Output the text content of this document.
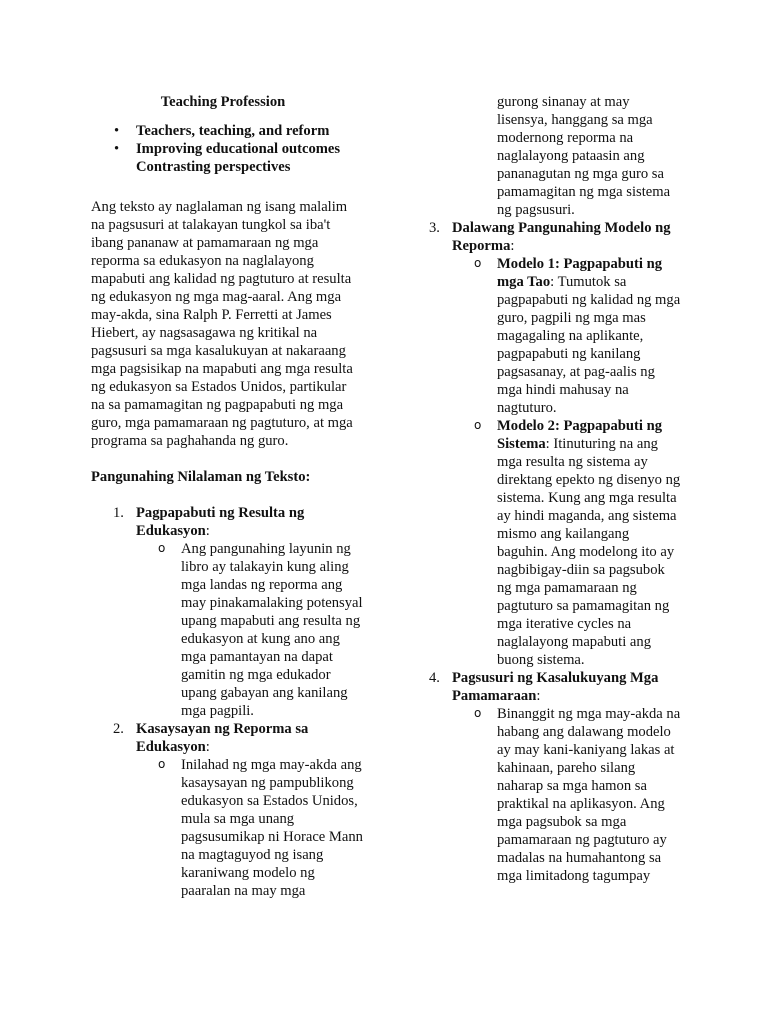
Teaching Profession
• Teachers, teaching, and reform
• Improving educational outcomes Contrasting perspectives

Ang teksto ay naglalaman ng isang malalim na pagsusuri at talakayan tungkol sa iba't ibang pananaw at pamamaraan ng mga reporma sa edukasyon na naglalayong mapabuti ang kalidad ng pagtuturo at resulta ng edukasyon ng mga mag-aaral. Ang mga may-akda, sina Ralph P. Ferretti at James Hiebert, ay nagsasagawa ng kritikal na pagsusuri sa mga kasalukuyan at nakaraang mga pagsisikap na mapabuti ang mga resulta ng edukasyon sa Estados Unidos, partikular na sa pamamagitan ng pagpapabuti ng mga guro, mga pamamaraan ng pagtuturo, at mga programa sa paghahanda ng guro.

Pangunahing Nilalaman ng Teksto:
1. Pagpapabuti ng Resulta ng Edukasyon:
o Ang pangunahing layunin ng libro ay talakayin kung aling mga landas ng reporma ang may pinakamalaking potensyal upang mapabuti ang resulta ng edukasyon at kung ano ang mga pamantayan na dapat gamitin ng mga edukador upang gabayan ang kanilang mga pagpili.
2. Kasaysayan ng Reporma sa Edukasyon:
o Inilahad ng mga may-akda ang kasaysayan ng pampublikong edukasyon sa Estados Unidos, mula sa mga unang pagsusumikap ni Horace Mann na magtaguyod ng isang karaniwang modelo ng paaralan na may mga
gurong sinanay at may lisensya, hanggang sa mga modernong reporma na naglalayong pataasin ang pananagutan ng mga guro sa pamamagitan ng mga sistema ng pagsusuri.
3. Dalawang Pangunahing Modelo ng Reporma:
o Modelo 1: Pagpapabuti ng mga Tao: Tumutok sa pagpapabuti ng kalidad ng mga guro, pagpili ng mga mas magagaling na aplikante, pagpapabuti ng kanilang pagsasanay, at pag-aalis ng mga hindi mahusay na nagtuturo.
o Modelo 2: Pagpapabuti ng Sistema: Itinuturing na ang mga resulta ng sistema ay direktang epekto ng disenyo ng sistema. Kung ang mga resulta ay hindi maganda, ang sistema mismo ang kailangang baguhin. Ang modelong ito ay nagbibigay-diin sa pagsubok ng mga pamamaraan ng pagtuturo sa pamamagitan ng mga iterative cycles na naglalayong mapabuti ang buong sistema.
4. Pagsusuri ng Kasalukuyang Mga Pamamaraan:
o Binanggit ng mga may-akda na habang ang dalawang modelo ay may kani-kaniyang lakas at kahinaan, pareho silang naharap sa mga hamon sa praktikal na aplikasyon. Ang mga pagsubok sa mga pamamaraan ng pagtuturo ay madalas na humahantong sa mga limitadong tagumpay
